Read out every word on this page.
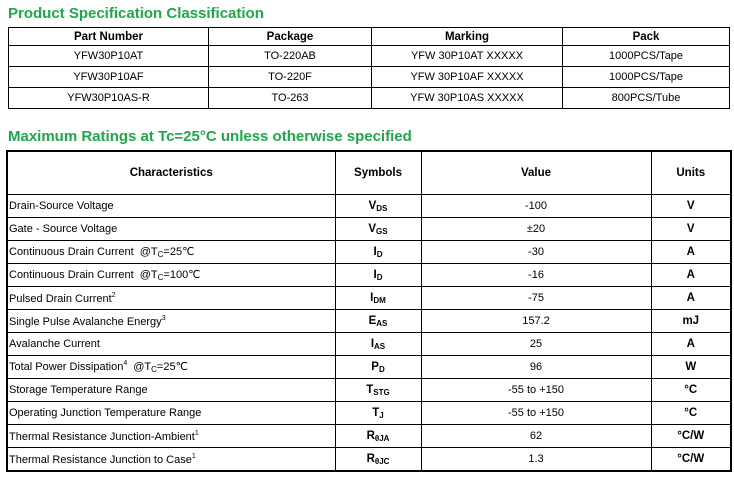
Product Specification Classification
Part Number	Package	Marking	Pack
YFW30P10AT	TO-220AB	YFW 30P10AT XXXXX	1000PCS/Tape
YFW30P10AF	TO-220F	YFW 30P10AF XXXXX	1000PCS/Tape
YFW30P10AS-R	TO-263	YFW 30P10AS XXXXX	800PCS/Tube
Maximum Ratings at Tc=25°C unless otherwise specified
Characteristics	Symbols	Value	Units
Drain-Source Voltage	$V_{DS}$	-100	V
Gate - Source Voltage	$V_{GS}$	±20	V
Continuous Drain Current $@T_C=25℃$	$I_D$	-30	A
Continuous Drain Current $@T_C=100℃$	$I_D$	-16	A
Pulsed Drain Current$^2$	$I_{DM}$	-75	A
Single Pulse Avalanche Energy$^3$	$E_{AS}$	157.2	mJ
Avalanche Current	$I_{AS}$	25	A
Total Power Dissipation$^4$ $@T_C=25℃$	$P_D$	96	W
Storage Temperature Range	$T_{STG}$	-55 to +150	°C
Operating Junction Temperature Range	$T_J$	-55 to +150	°C
Thermal Resistance Junction-Ambient$^1$	$R_{\theta JA}$	62	°C/W
Thermal Resistance Junction to Case$^1$	$R_{\theta JC}$	1.3	°C/W
